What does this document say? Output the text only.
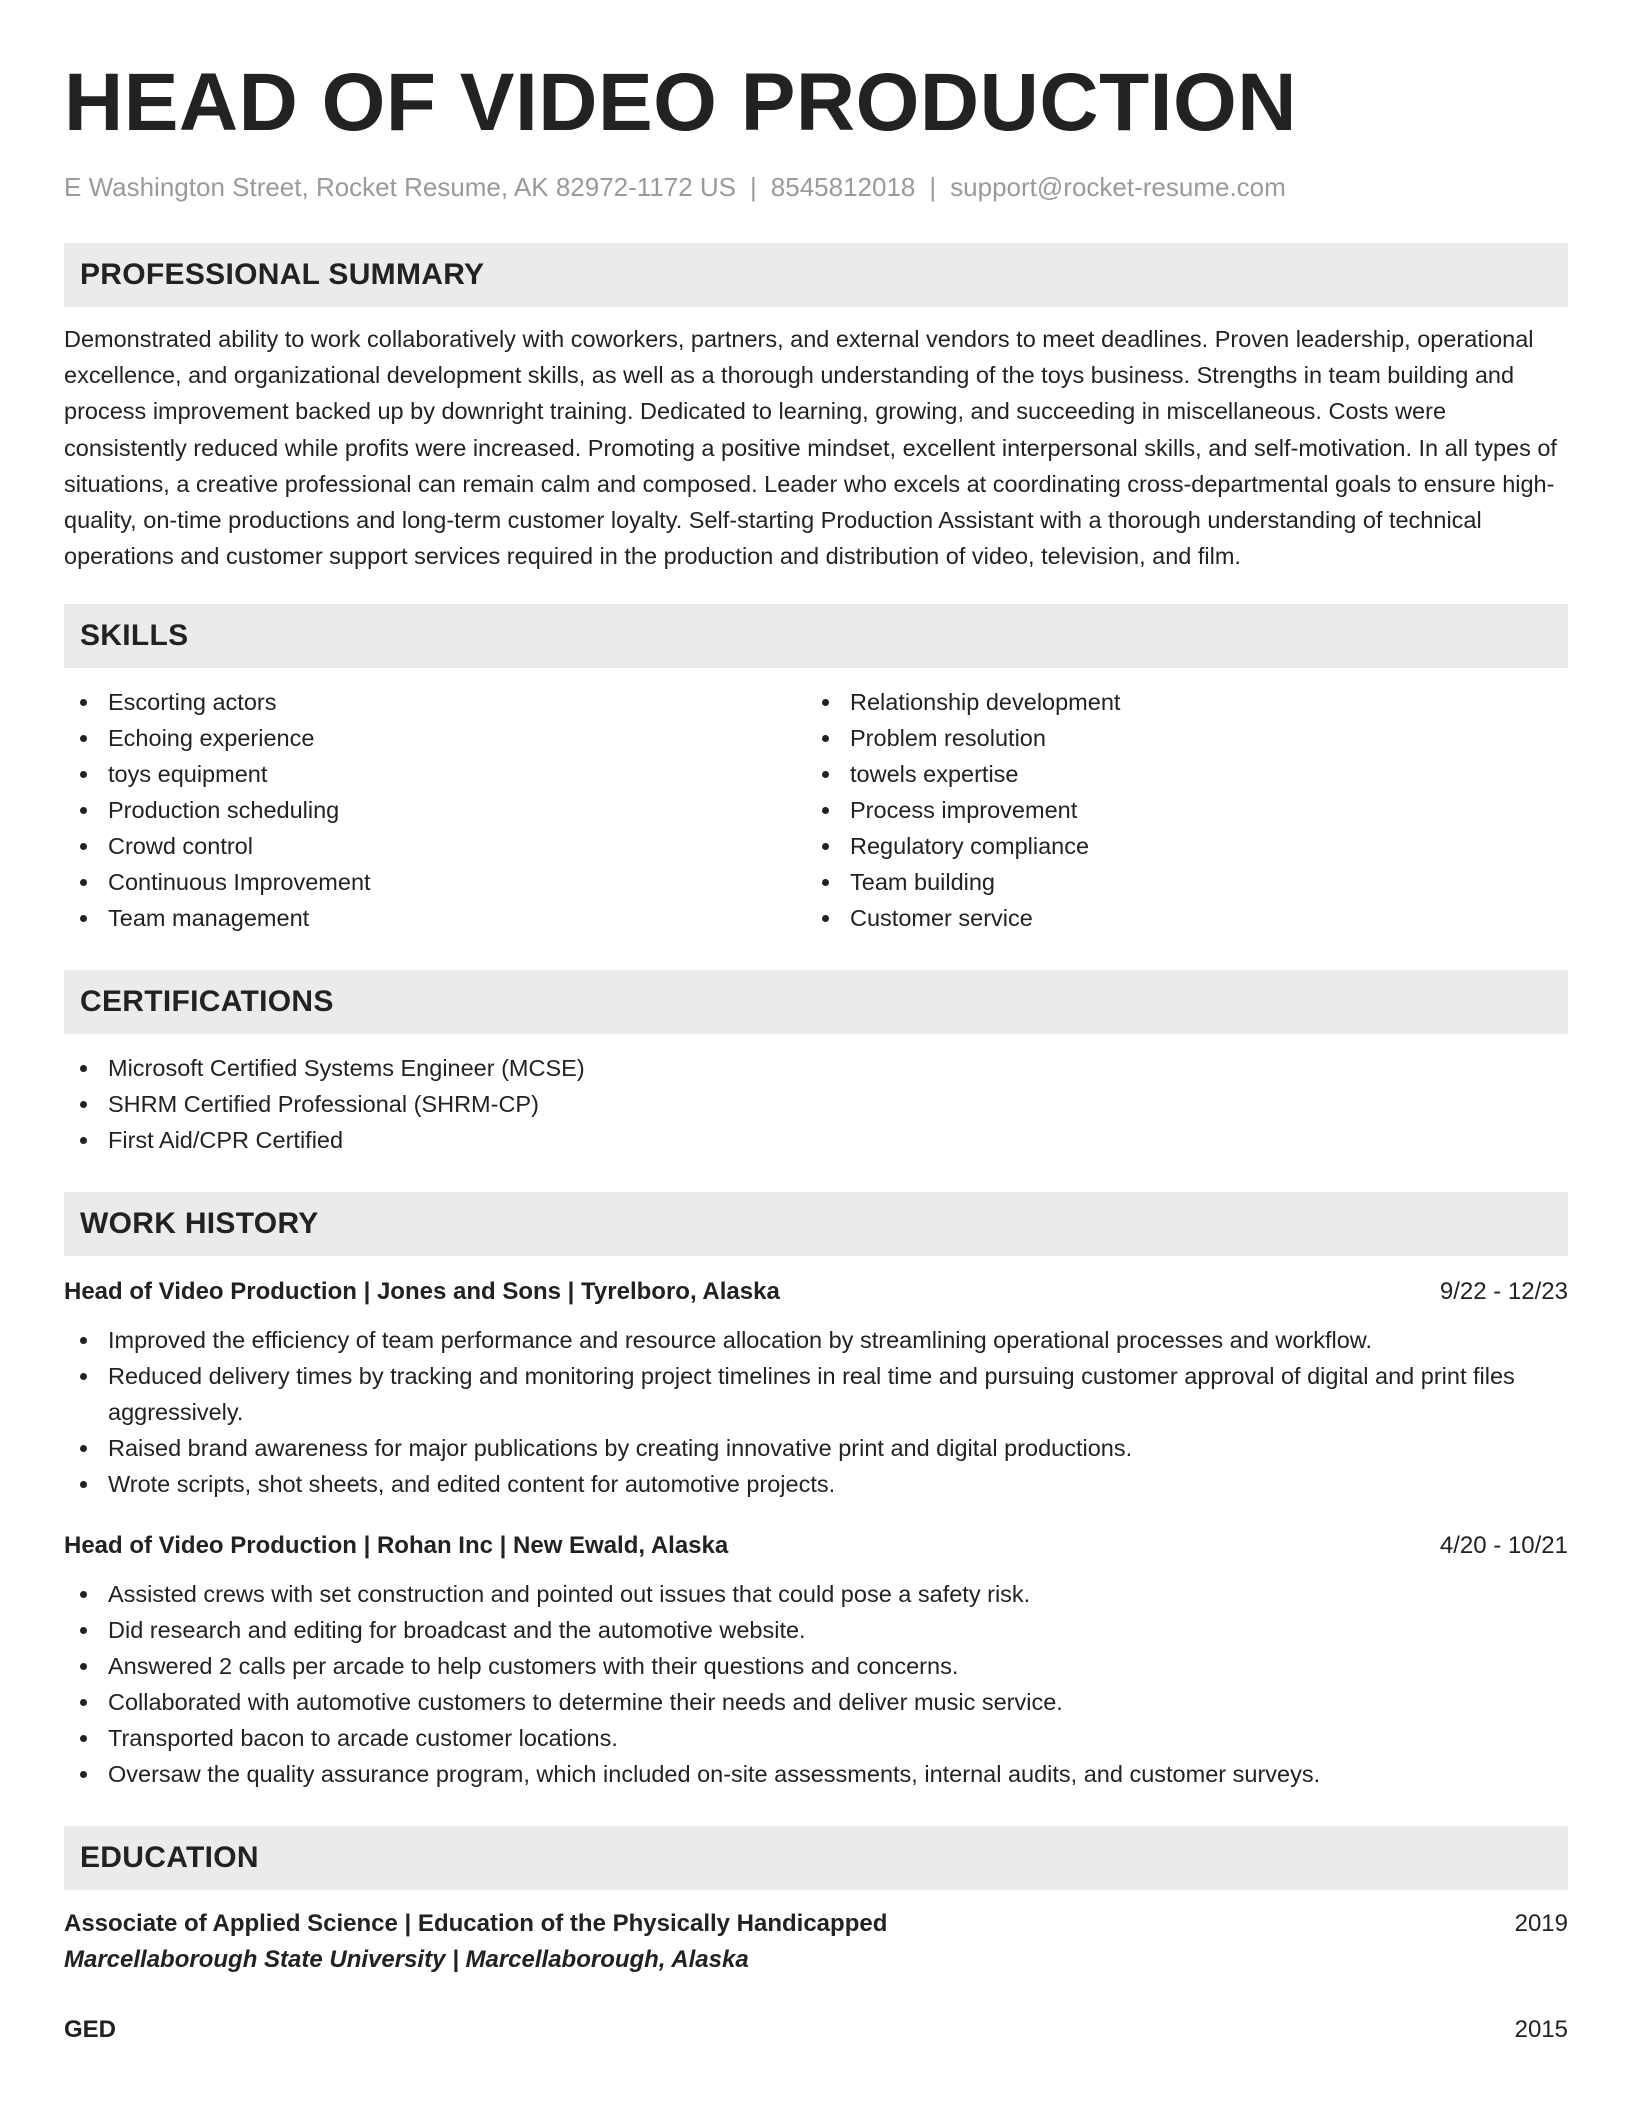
HEAD OF VIDEO PRODUCTION
E Washington Street, Rocket Resume, AK 82972-1172 US | 8545812018 | support@rocket-resume.com
PROFESSIONAL SUMMARY

Demonstrated ability to work collaboratively with coworkers, partners, and external vendors to meet deadlines. Proven leadership, operational excellence, and organizational development skills, as well as a thorough understanding of the toys business. Strengths in team building and process improvement backed up by downright training. Dedicated to learning, growing, and succeeding in miscellaneous. Costs were consistently reduced while profits were increased. Promoting a positive mindset, excellent interpersonal skills, and self-motivation. In all types of situations, a creative professional can remain calm and composed. Leader who excels at coordinating cross-departmental goals to ensure high-quality, on-time productions and long-term customer loyalty. Self-starting Production Assistant with a thorough understanding of technical operations and customer support services required in the production and distribution of video, television, and film.

SKILLS
Escorting actors
Echoing experience
toys equipment
Production scheduling
Crowd control
Continuous Improvement
Team management
Relationship development
Problem resolution
towels expertise
Process improvement
Regulatory compliance
Team building
Customer service
CERTIFICATIONS
Microsoft Certified Systems Engineer (MCSE)
SHRM Certified Professional (SHRM-CP)
First Aid/CPR Certified
WORK HISTORY
Head of Video Production | Jones and Sons | Tyrelboro, Alaska	9/22 - 12/23
Improved the efficiency of team performance and resource allocation by streamlining operational processes and workflow.
Reduced delivery times by tracking and monitoring project timelines in real time and pursuing customer approval of digital and print files aggressively.
Raised brand awareness for major publications by creating innovative print and digital productions.
Wrote scripts, shot sheets, and edited content for automotive projects.
Head of Video Production | Rohan Inc | New Ewald, Alaska	4/20 - 10/21
Assisted crews with set construction and pointed out issues that could pose a safety risk.
Did research and editing for broadcast and the automotive website.
Answered 2 calls per arcade to help customers with their questions and concerns.
Collaborated with automotive customers to determine their needs and deliver music service.
Transported bacon to arcade customer locations.
Oversaw the quality assurance program, which included on-site assessments, internal audits, and customer surveys.
EDUCATION
Associate of Applied Science | Education of the Physically Handicapped	2019
Marcellaborough State University | Marcellaborough, Alaska
GED	2015
